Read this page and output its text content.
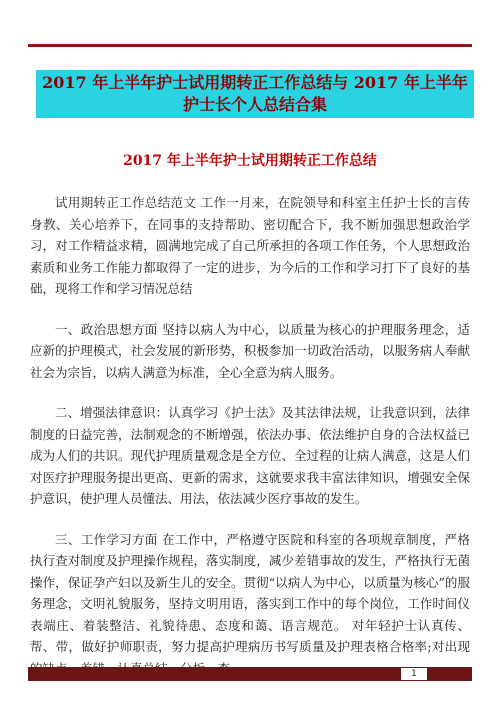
2017 年上半年护士试用期转正工作总结与 2017 年上半年护士长个人总结合集
2017 年上半年护士试用期转正工作总结

试用期转正工作总结范文 工作一月来，在院领导和科室主任护士长的言传身教、关心培养下，在同事的支持帮助、密切配合下，我不断加强思想政治学习，对工作精益求精，圆满地完成了自己所承担的各项工作任务，个人思想政治素质和业务工作能力都取得了一定的进步，为今后的工作和学习打下了良好的基础，现将工作和学习情况总结

一、政治思想方面 坚持以病人为中心，以质量为核心的护理服务理念，适应新的护理模式，社会发展的新形势，积极参加一切政治活动，以服务病人奉献社会为宗旨，以病人满意为标准，全心全意为病人服务。

二、增强法律意识：认真学习《护士法》及其法律法规，让我意识到，法律制度的日益完善，法制观念的不断增强，依法办事、依法维护自身的合法权益已成为人们的共识。现代护理质量观念是全方位、全过程的让病人满意，这是人们对医疗护理服务提出更高、更新的需求，这就要求我丰富法律知识，增强安全保护意识，使护理人员懂法、用法，依法减少医疗事故的发生。

三、工作学习方面 在工作中，严格遵守医院和科室的各项规章制度，严格执行查对制度及护理操作规程，落实制度，减少差错事故的发生，严格执行无菌操作，保证孕产妇以及新生儿的安全。贯彻“以病人为中心，以质量为核心”的服务理念，文明礼貌服务，坚持文明用语，落实到工作中的每个岗位，工作时间仪表端庄、着装整洁、礼貌待患、态度和蔼、语言规范。 对年轻护士认真传、帮、带，做好护师职责，努力提高护理病历书写质量及护理表格合格率;对出现

1
